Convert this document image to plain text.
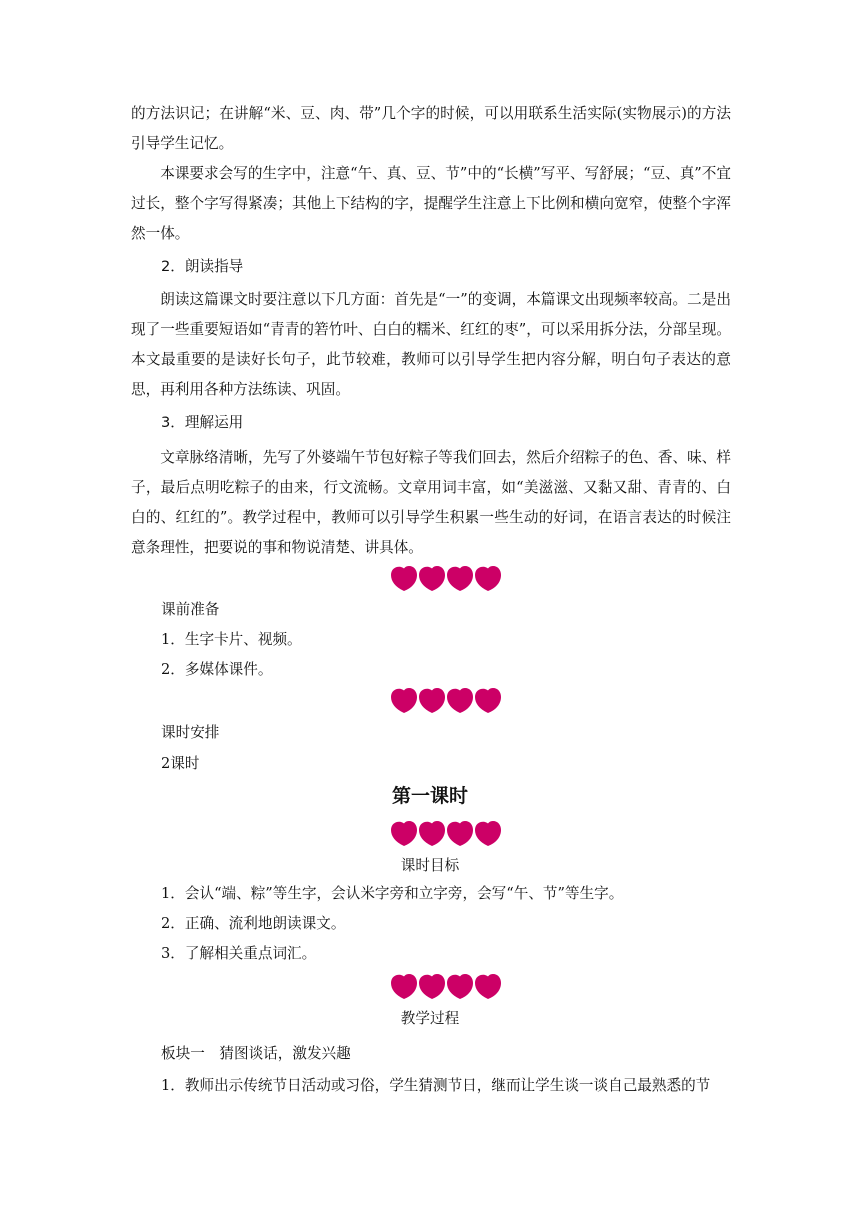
的方法识记；在讲解“米、豆、肉、带”几个字的时候，可以用联系生活实际(实物展示)的方法引导学生记忆。

本课要求会写的生字中，注意“午、真、豆、节”中的“长横”写平、写舒展；“豆、真”不宜过长，整个字写得紧凑；其他上下结构的字，提醒学生注意上下比例和横向宽窄，使整个字浑然一体。

2．朗读指导

朗读这篇课文时要注意以下几方面：首先是“一”的变调，本篇课文出现频率较高。二是出现了一些重要短语如“青青的箬竹叶、白白的糯米、红红的枣”，可以采用拆分法，分部呈现。本文最重要的是读好长句子，此节较难，教师可以引导学生把内容分解，明白句子表达的意思，再利用各种方法练读、巩固。

3．理解运用

文章脉络清晰，先写了外婆端午节包好粽子等我们回去，然后介绍粽子的色、香、味、样子，最后点明吃粽子的由来，行文流畅。文章用词丰富，如“美滋滋、又黏又甜、青青的、白白的、红红的”。教学过程中，教师可以引导学生积累一些生动的好词，在语言表达的时候注意条理性，把要说的事和物说清楚、讲具体。

课前准备

1．生字卡片、视频。

2．多媒体课件。

课时安排

2课时

第一课时

课时目标

1．会认“端、粽”等生字，会认米字旁和立字旁，会写“午、节”等生字。

2．正确、流利地朗读课文。

3．了解相关重点词汇。

教学过程

板块一　猜图谈话，激发兴趣

1．教师出示传统节日活动或习俗，学生猜测节日，继而让学生谈一谈自己最熟悉的节
